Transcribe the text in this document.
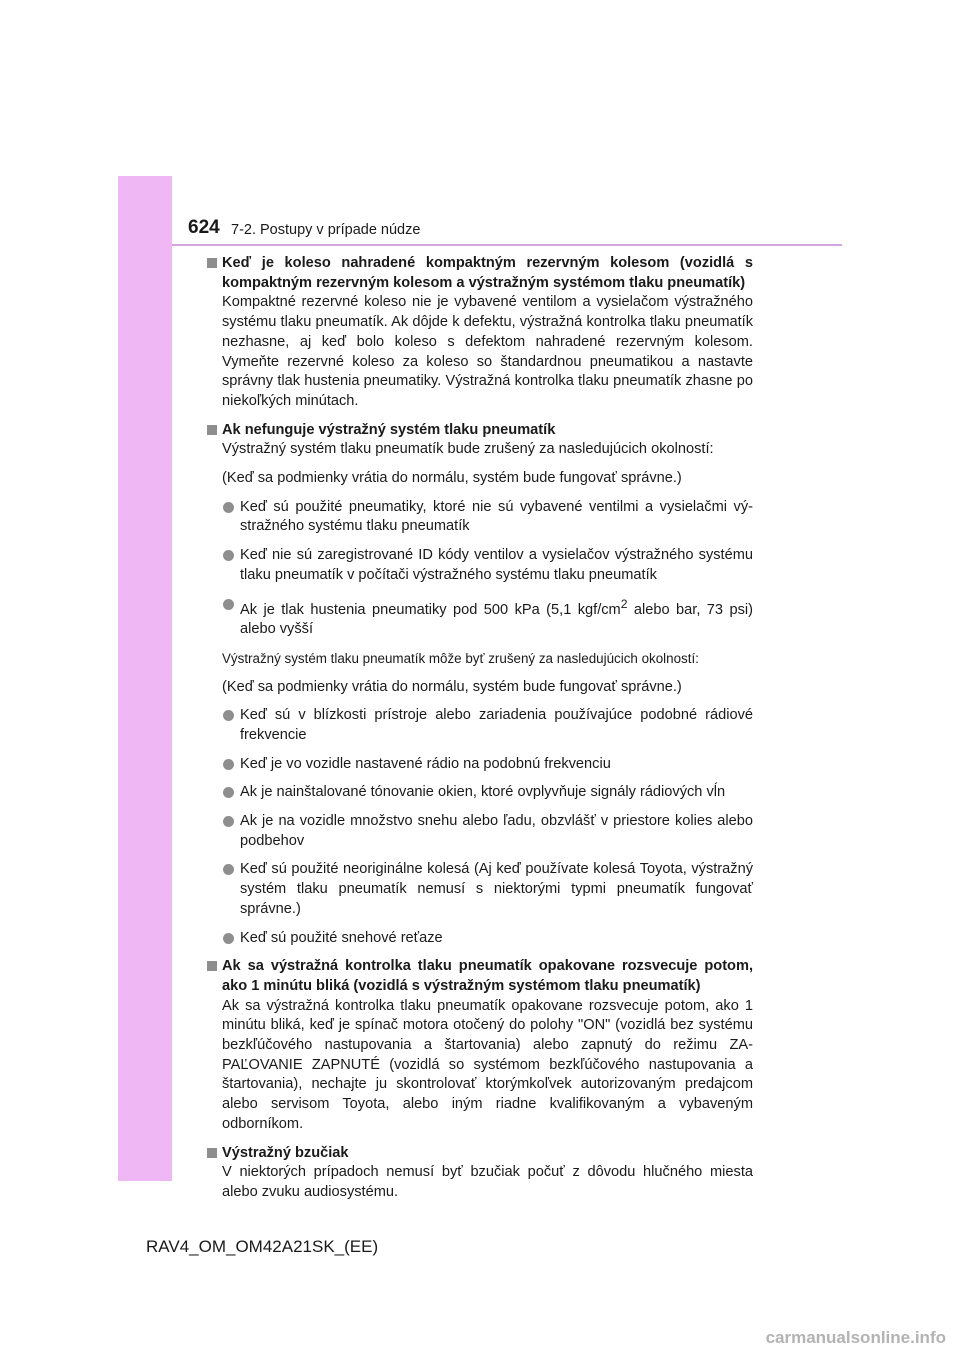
624 7-2. Postupy v prípade núdze
Keď je koleso nahradené kompaktným rezervným kolesom (vozidlá s kompaktným rezervným kolesom a výstražným systémom tlaku pneumatík)

Kompaktné rezervné koleso nie je vybavené ventilom a vysielačom výstražného systému tlaku pneumatík. Ak dôjde k defektu, výstražná kontrolka tlaku pneumatík nezhasne, aj keď bolo koleso s defektom nahradené rezervným kolesom. Vymeňte rezervné koleso za koleso so štandardnou pneumatikou a nastavte správny tlak hustenia pneumatiky. Výstražná kontrolka tlaku pneumatík zhasne po niekoľkých minútach.

Ak nefunguje výstražný systém tlaku pneumatík

Výstražný systém tlaku pneumatík bude zrušený za nasledujúcich okolností:

(Keď sa podmienky vrátia do normálu, systém bude fungovať správne.)

Keď sú použité pneumatiky, ktoré nie sú vybavené ventilmi a vysielačmi výstražného systému tlaku pneumatík
Keď nie sú zaregistrované ID kódy ventilov a vysielačov výstražného systému tlaku pneumatík v počítači výstražného systému tlaku pneumatík
Ak je tlak hustenia pneumatiky pod 500 kPa (5,1 kgf/$cm^2$ alebo bar, 73 psi) alebo vyšší

Výstražný systém tlaku pneumatík môže byť zrušený za nasledujúcich okolností:

(Keď sa podmienky vrátia do normálu, systém bude fungovať správne.)

Keď sú v blízkosti prístroje alebo zariadenia používajúce podobné rádiové frekvencie
Keď je vo vozidle nastavené rádio na podobnú frekvenciu
Ak je nainštalované tónovanie okien, ktoré ovplyvňuje signály rádiových vĺn
Ak je na vozidle množstvo snehu alebo ľadu, obzvlášť v priestore kolies alebo podbehov
Keď sú použité neoriginálne kolesá (Aj keď používate kolesá Toyota, výstražný systém tlaku pneumatík nemusí s niektorými typmi pneumatík fungovať správne.)
Keď sú použité snehové reťaze
Ak sa výstražná kontrolka tlaku pneumatík opakovane rozsvecuje potom, ako 1 minútu bliká (vozidlá s výstražným systémom tlaku pneumatík)

Ak sa výstražná kontrolka tlaku pneumatík opakovane rozsvecuje potom, ako 1 minútu bliká, keď je spínač motora otočený do polohy "ON" (vozidlá bez systému bezkľúčového nastupovania a štartovania) alebo zapnutý do režimu ZAPAĽOVANIE ZAPNUTÉ (vozidlá so systémom bezkľúčového nastupovania a štartovania), nechajte ju skontrolovať ktorýmkoľvek autorizovaným predajcom alebo servisom Toyota, alebo iným riadne kvalifikovaným a vybaveným odborníkom.

Výstražný bzučiak

V niektorých prípadoch nemusí byť bzučiak počuť z dôvodu hlučného miesta alebo zvuku audiosystému.

RAV4_OM_OM42A21SK_(EE)
carmanualsonline.info
